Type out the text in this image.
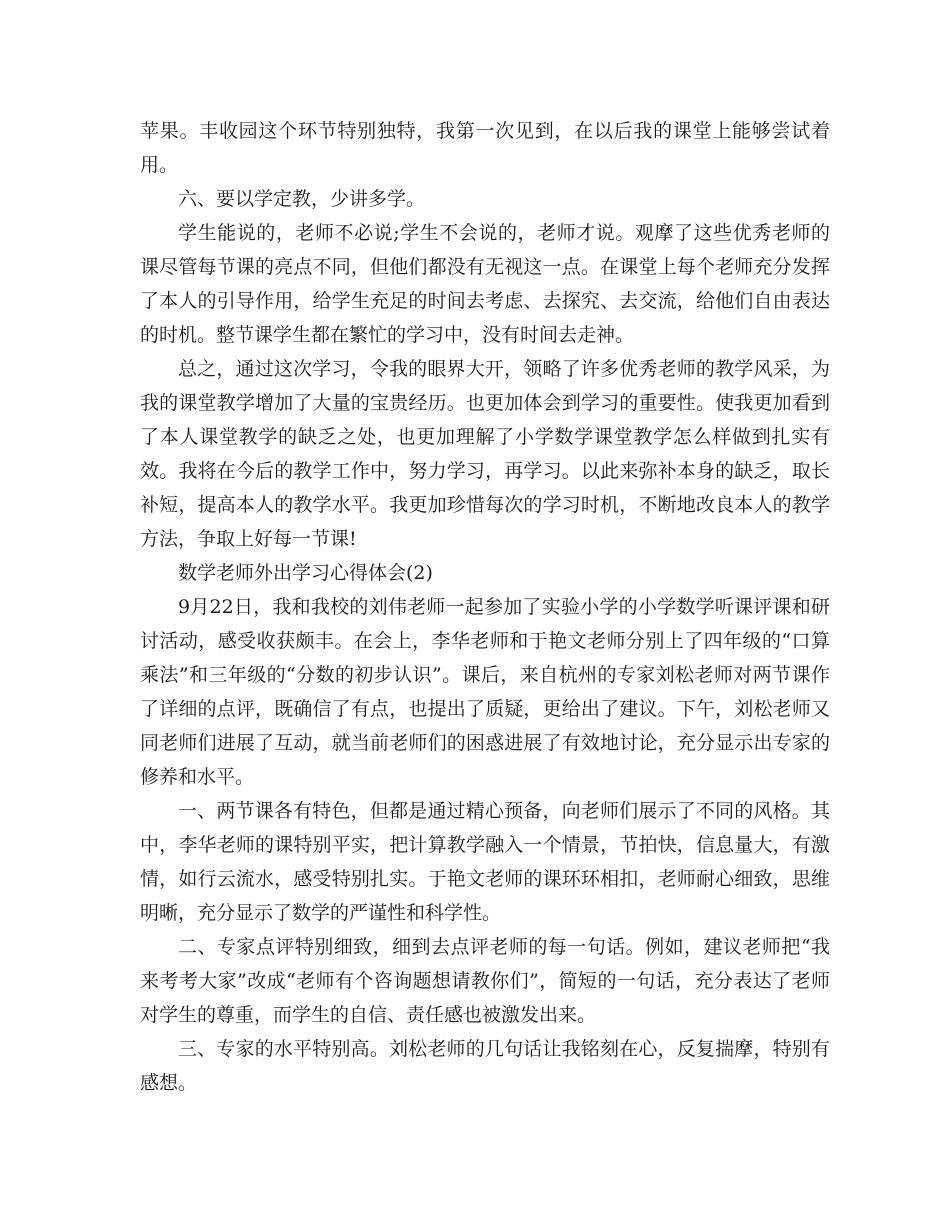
苹果。丰收园这个环节特别独特，我第一次见到，在以后我的课堂上能够尝试着用。

六、要以学定教，少讲多学。

学生能说的，老师不必说;学生不会说的，老师才说。观摩了这些优秀老师的课尽管每节课的亮点不同，但他们都没有无视这一点。在课堂上每个老师充分发挥了本人的引导作用，给学生充足的时间去考虑、去探究、去交流，给他们自由表达的时机。整节课学生都在繁忙的学习中，没有时间去走神。

总之，通过这次学习，令我的眼界大开，领略了许多优秀老师的教学风采，为我的课堂教学增加了大量的宝贵经历。也更加体会到学习的重要性。使我更加看到了本人课堂教学的缺乏之处，也更加理解了小学数学课堂教学怎么样做到扎实有效。我将在今后的教学工作中，努力学习，再学习。以此来弥补本身的缺乏，取长补短，提高本人的教学水平。我更加珍惜每次的学习时机，不断地改良本人的教学方法，争取上好每一节课!

数学老师外出学习心得体会(2)

9月22日，我和我校的刘伟老师一起参加了实验小学的小学数学听课评课和研讨活动，感受收获颇丰。在会上，李华老师和于艳文老师分别上了四年级的“口算乘法”和三年级的“分数的初步认识”。课后，来自杭州的专家刘松老师对两节课作了详细的点评，既确信了有点，也提出了质疑，更给出了建议。下午，刘松老师又同老师们进展了互动，就当前老师们的困惑进展了有效地讨论，充分显示出专家的修养和水平。

一、两节课各有特色，但都是通过精心预备，向老师们展示了不同的风格。其中，李华老师的课特别平实，把计算教学融入一个情景，节拍快，信息量大，有激情，如行云流水，感受特别扎实。于艳文老师的课环环相扣，老师耐心细致，思维明晰，充分显示了数学的严谨性和科学性。

二、专家点评特别细致，细到去点评老师的每一句话。例如，建议老师把“我来考考大家”改成“老师有个咨询题想请教你们”，简短的一句话，充分表达了老师对学生的尊重，而学生的自信、责任感也被激发出来。

三、专家的水平特别高。刘松老师的几句话让我铭刻在心，反复揣摩，特别有感想。
